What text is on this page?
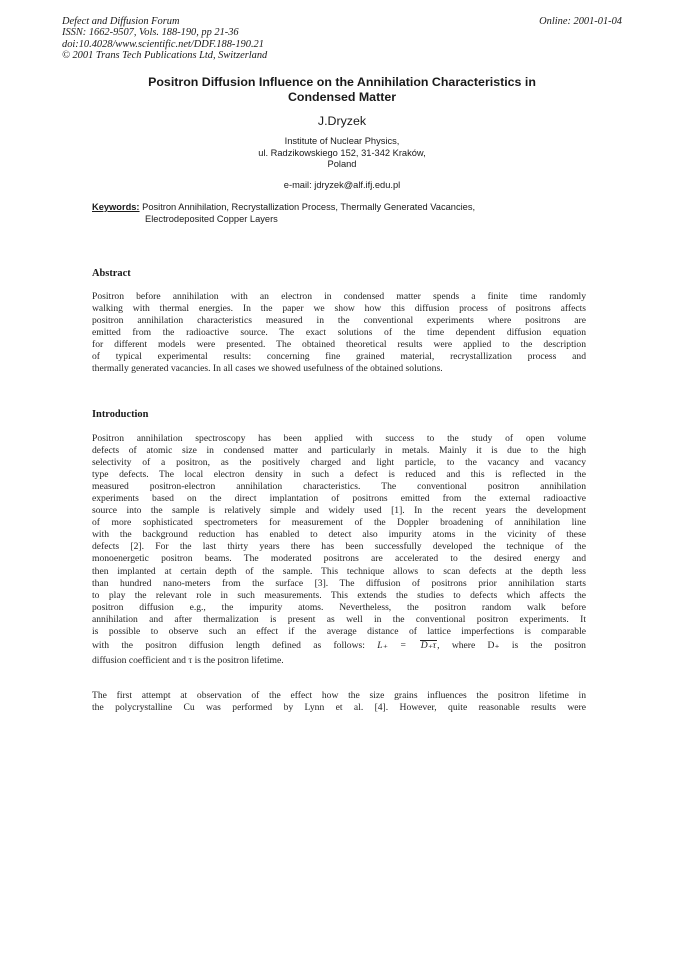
Defect and Diffusion Forum
ISSN: 1662-9507, Vols. 188-190, pp 21-36
doi:10.4028/www.scientific.net/DDF.188-190.21
© 2001 Trans Tech Publications Ltd, Switzerland
Online: 2001-01-04
Positron Diffusion Influence on the Annihilation Characteristics in
Condensed Matter
J.Dryzek
Institute of Nuclear Physics,
ul. Radzikowskiego 152, 31-342 Kraków,
Poland
e-mail: jdryzek@alf.ifj.edu.pl
Keywords: Positron Annihilation, Recrystallization Process, Thermally Generated Vacancies,
Electrodeposited Copper Layers
Abstract
Positron before annihilation with an electron in condensed matter spends a finite time randomly
walking with thermal energies. In the paper we show how this diffusion process of positrons affects
positron annihilation characteristics measured in the conventional experiments where positrons are
emitted from the radioactive source. The exact solutions of the time dependent diffusion equation
for different models were presented. The obtained theoretical results were applied to the description
of typical experimental results: concerning fine grained material, recrystallization process and
thermally generated vacancies. In all cases we showed usefulness of the obtained solutions.
Introduction
Positron annihilation spectroscopy has been applied with success to the study of open volume
defects of atomic size in condensed matter and particularly in metals. Mainly it is due to the high
selectivity of a positron, as the positively charged and light particle, to the vacancy and vacancy
type defects. The local electron density in such a defect is reduced and this is reflected in the
measured positron-electron annihilation characteristics. The conventional positron annihilation
experiments based on the direct implantation of positrons emitted from the external radioactive
source into the sample is relatively simple and widely used [1]. In the recent years the development
of more sophisticated spectrometers for measurement of the Doppler broadening of annihilation line
with the background reduction has enabled to detect also impurity atoms in the vicinity of these
defects [2]. For the last thirty years there has been successfully developed the technique of the
monoenergetic positron beams. The moderated positrons are accelerated to the desired energy and
then implanted at certain depth of the sample. This technique allows to scan defects at the depth less
than hundred nano-meters from the surface [3]. The diffusion of positrons prior annihilation starts
to play the relevant role in such measurements. This extends the studies to defects which affects the
positron diffusion e.g., the impurity atoms. Nevertheless, the positron random walk before
annihilation and after thermalization is present as well in the conventional positron experiments. It
is possible to observe such an effect if the average distance of lattice imperfections is comparable
with the positron diffusion length defined as follows: L₊ = D₊τ, where D₊ is the positron
diffusion coefficient and τ is the positron lifetime.
The first attempt at observation of the effect how the size grains influences the positron lifetime in
the polycrystalline Cu was performed by Lynn et al. [4]. However, quite reasonable results were
